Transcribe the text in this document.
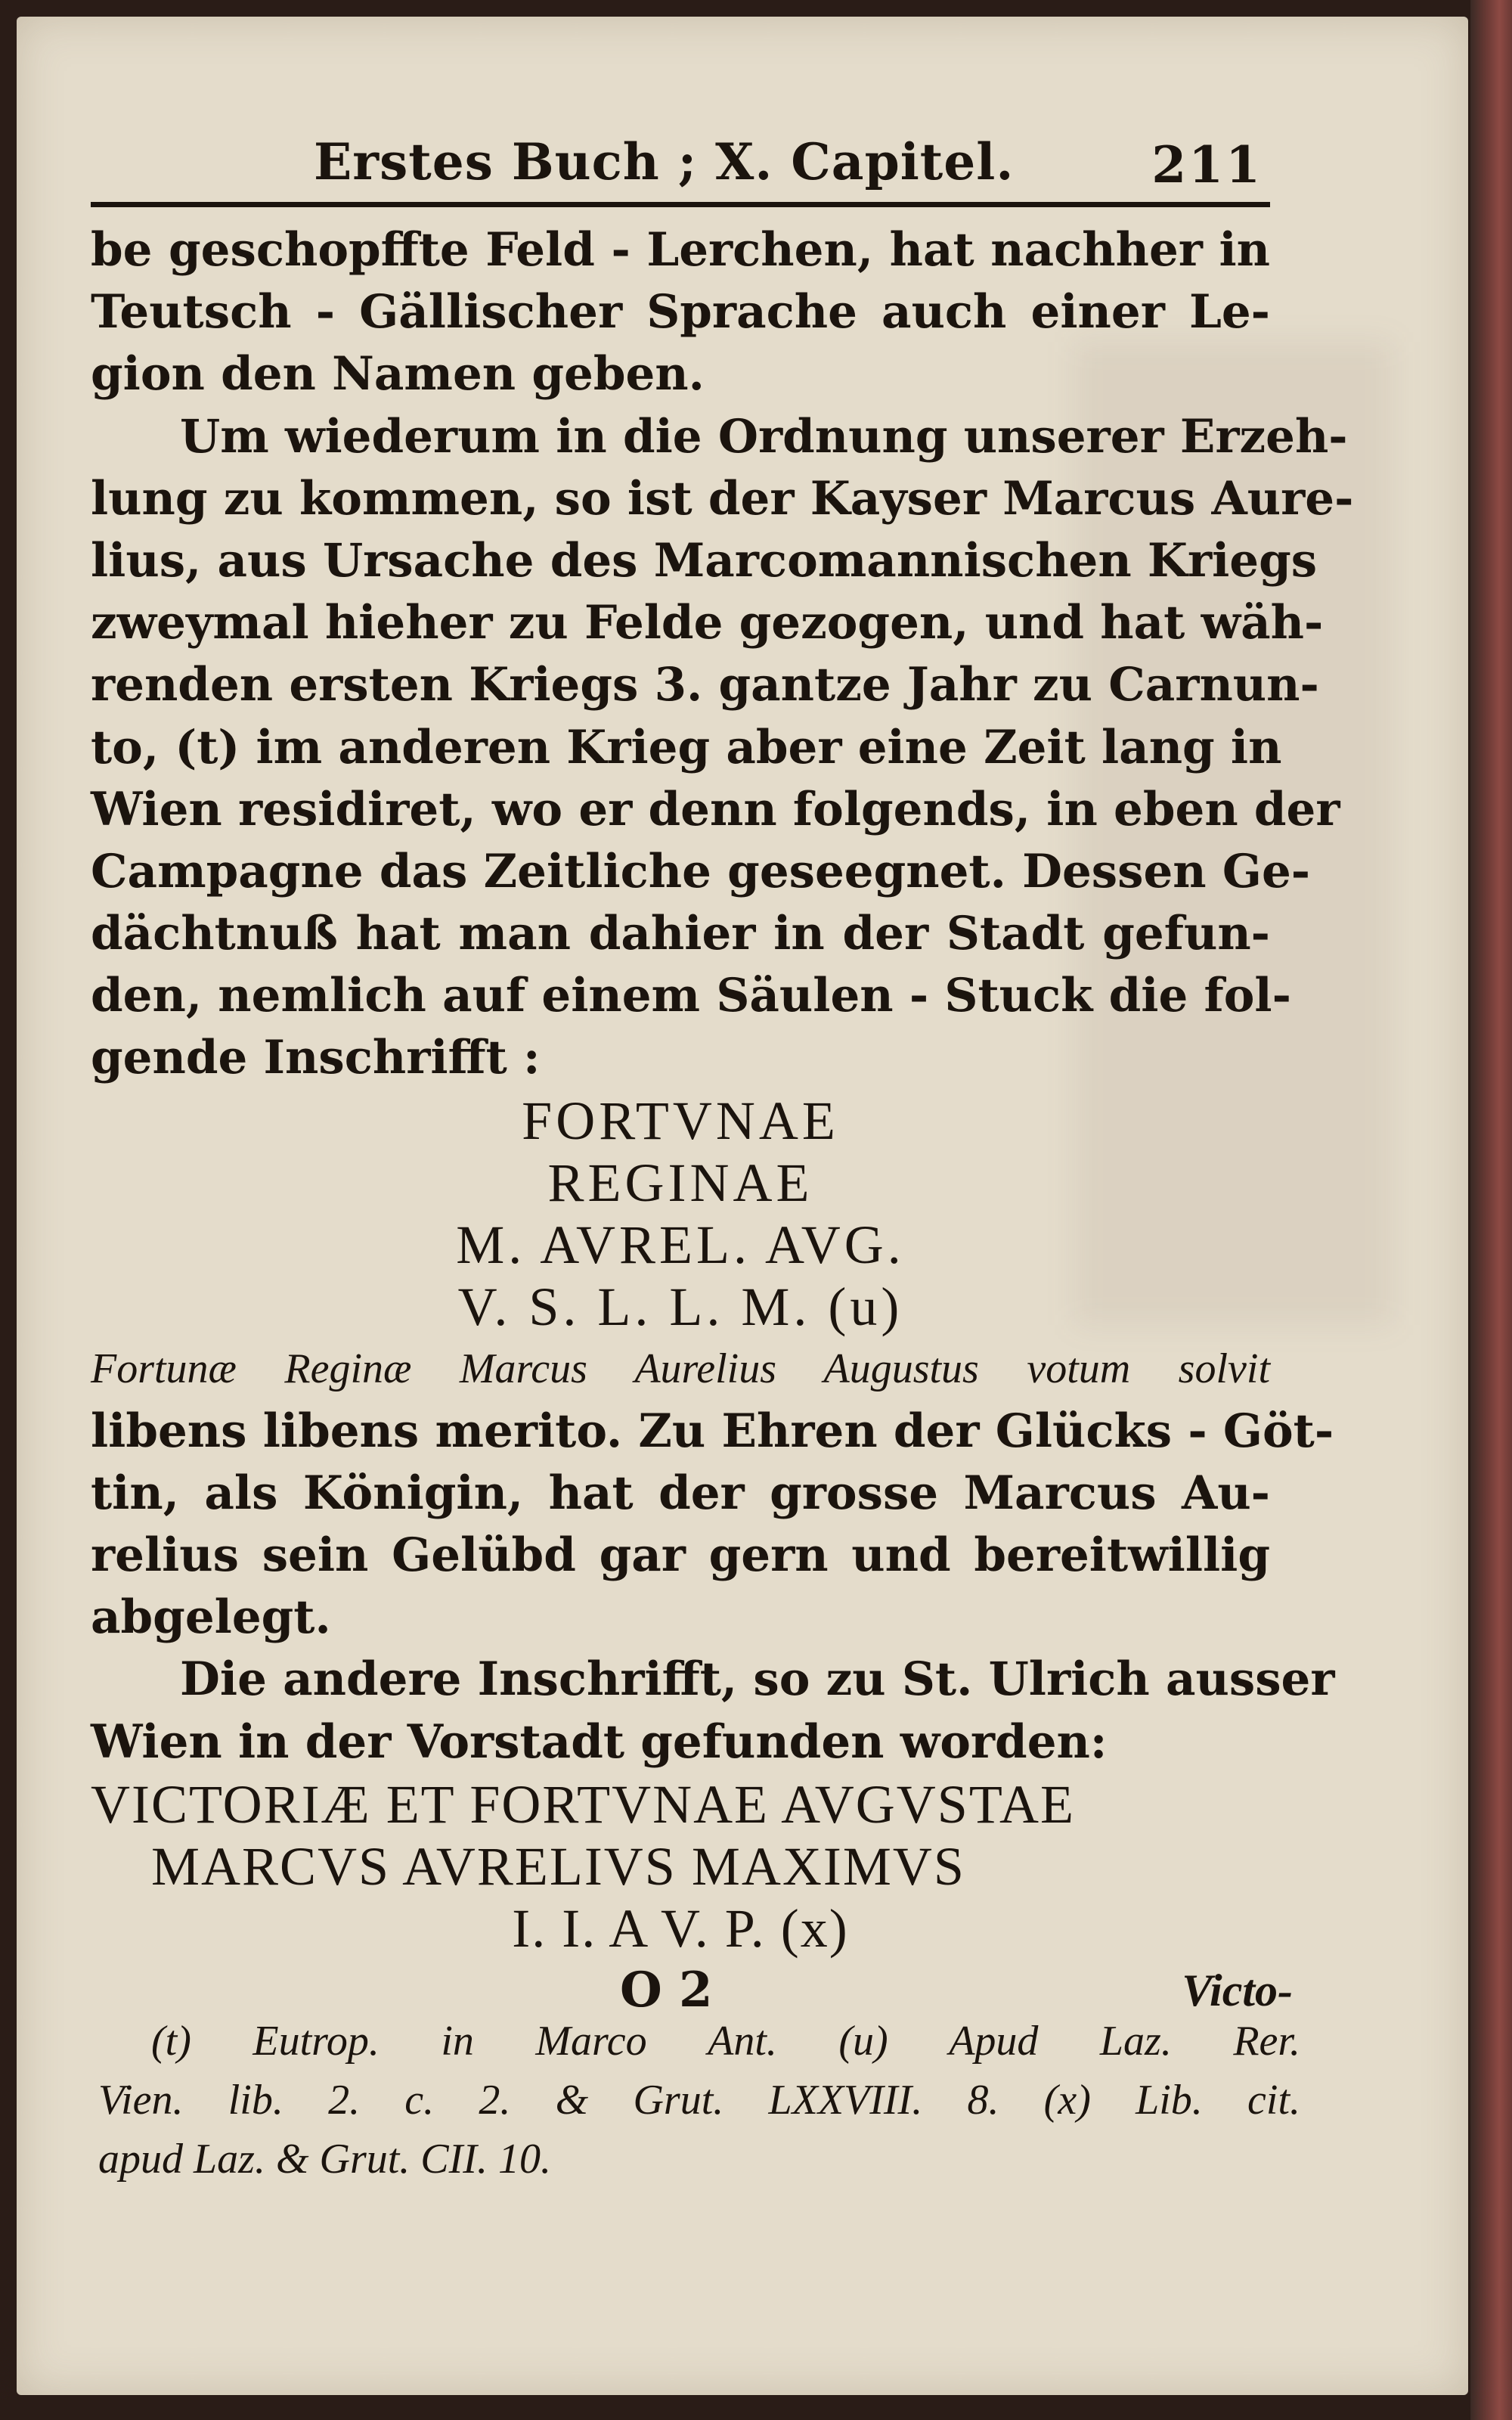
Erstes Buch ; X. Capitel.	211
be geschopffte Feld - Lerchen, hat nachher in
Teutsch - Gällischer Sprache auch einer Le-
gion den Namen geben.
Um wiederum in die Ordnung unserer Erzeh-
lung zu kommen, so ist der Kayser Marcus Aure-
lius, aus Ursache des Marcomannischen Kriegs
zweymal hieher zu Felde gezogen, und hat wäh-
renden ersten Kriegs 3. gantze Jahr zu Carnun-
to, (t) im anderen Krieg aber eine Zeit lang in
Wien residiret, wo er denn folgends, in eben der
Campagne das Zeitliche geseegnet. Dessen Ge-
dächtnuß hat man dahier in der Stadt gefun-
den, nemlich auf einem Säulen - Stuck die fol-
gende Inschrifft :
FORTVNAE
REGINAE
M. AVREL. AVG.
V. S. L. L. M. (u)
Fortunæ Reginæ Marcus Aurelius Augustus votum solvit
libens libens merito. Zu Ehren der Glücks - Göt-
tin, als Königin, hat der grosse Marcus Au-
relius sein Gelübd gar gern und bereitwillig
abgelegt.
Die andere Inschrifft, so zu St. Ulrich ausser
Wien in der Vorstadt gefunden worden:
VICTORIÆ ET FORTVNAE AVGVSTAE
MARCVS AVRELIVS MAXIMVS
I. I. A V. P. (x)
O 2	Victo-
(t) Eutrop. in Marco Ant. (u) Apud Laz. Rer.
Vien. lib. 2. c. 2. & Grut. LXXVIII. 8. (x) Lib. cit.
apud Laz. & Grut. CII. 10.
